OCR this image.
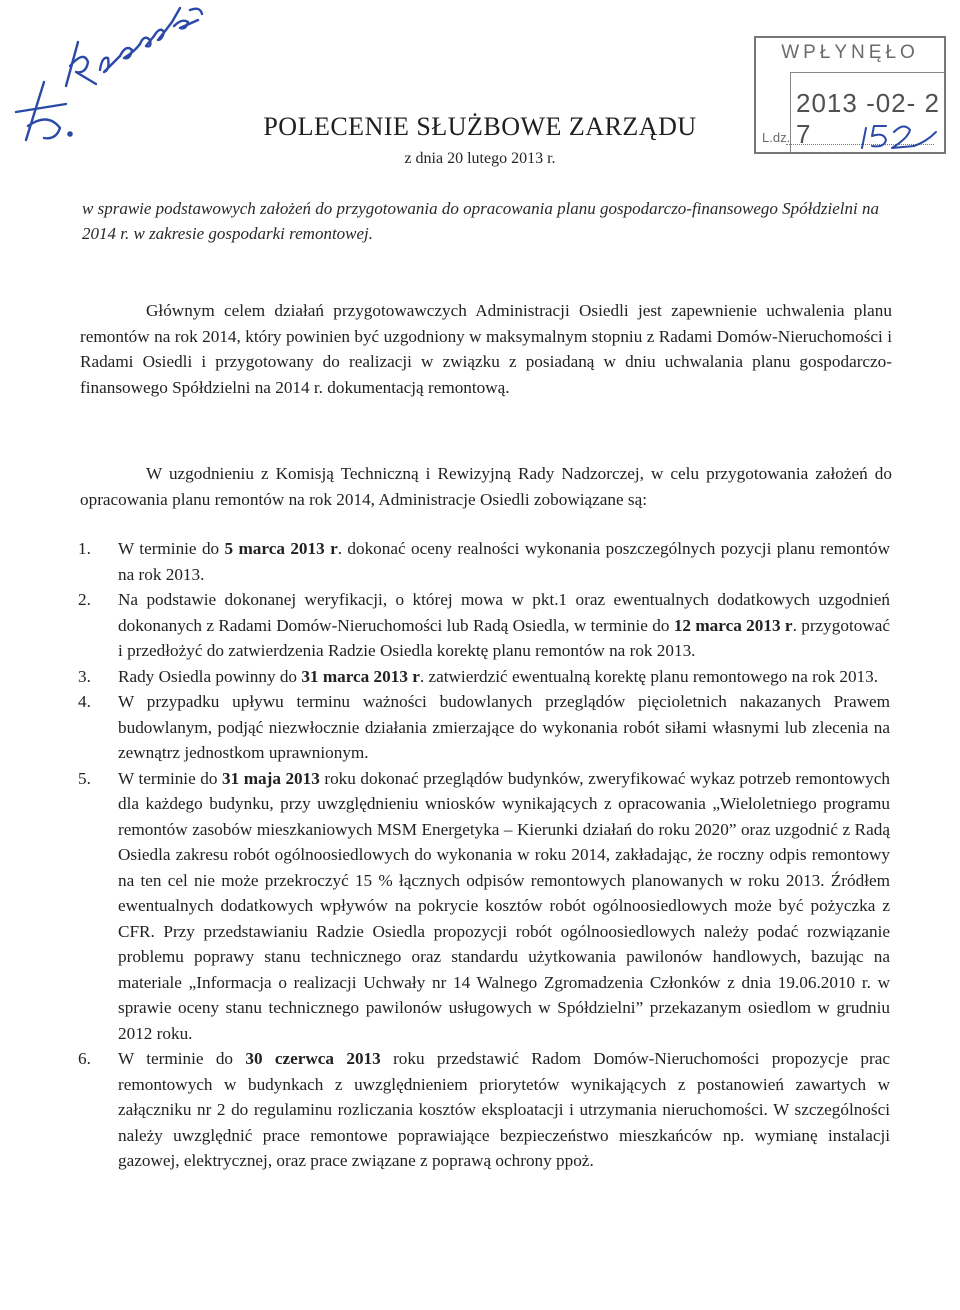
WPŁYNĘŁO
2013 -02- 2 7
L.dz.
POLECENIE SŁUŻBOWE ZARZĄDU
z dnia 20 lutego 2013 r.
w sprawie podstawowych założeń do przygotowania do opracowania planu gospodarczo-finansowego Spółdzielni na 2014 r. w zakresie gospodarki remontowej.
Głównym celem działań przygotowawczych Administracji Osiedli jest zapewnienie uchwalenia planu remontów na rok 2014, który powinien być uzgodniony w maksymalnym stopniu z Radami Domów-Nieruchomości i Radami Osiedli i przygotowany do realizacji w związku z posiadaną w dniu uchwalania planu gospodarczo-finansowego Spółdzielni na 2014 r. dokumentacją remontową.
W uzgodnieniu z Komisją Techniczną i Rewizyjną Rady Nadzorczej, w celu przygotowania założeń do opracowania planu remontów na rok 2014, Administracje Osiedli zobowiązane są:
1. W terminie do 5 marca 2013 r. dokonać oceny realności wykonania poszczególnych pozycji planu remontów na rok 2013.
2. Na podstawie dokonanej weryfikacji, o której mowa w pkt.1 oraz ewentualnych dodatkowych uzgodnień dokonanych z Radami Domów-Nieruchomości lub Radą Osiedla, w terminie do 12 marca 2013 r. przygotować i przedłożyć do zatwierdzenia Radzie Osiedla korektę planu remontów na rok 2013.
3. Rady Osiedla powinny do 31 marca 2013 r. zatwierdzić ewentualną korektę planu remontowego na rok 2013.
4. W przypadku upływu terminu ważności budowlanych przeglądów pięcioletnich nakazanych Prawem budowlanym, podjąć niezwłocznie działania zmierzające do wykonania robót siłami własnymi lub zlecenia na zewnątrz jednostkom uprawnionym.
5. W terminie do 31 maja 2013 roku dokonać przeglądów budynków, zweryfikować wykaz potrzeb remontowych dla każdego budynku, przy uwzględnieniu wniosków wynikających z opracowania „Wieloletniego programu remontów zasobów mieszkaniowych MSM Energetyka – Kierunki działań do roku 2020” oraz uzgodnić z Radą Osiedla zakresu robót ogólnoosiedlowych do wykonania w roku 2014, zakładając, że roczny odpis remontowy na ten cel nie może przekroczyć 15 % łącznych odpisów remontowych planowanych w roku 2013. Źródłem ewentualnych dodatkowych wpływów na pokrycie kosztów robót ogólnoosiedlowych może być pożyczka z CFR. Przy przedstawianiu Radzie Osiedla propozycji robót ogólnoosiedlowych należy podać rozwiązanie problemu poprawy stanu technicznego oraz standardu użytkowania pawilonów handlowych, bazując na materiale „Informacja o realizacji Uchwały nr 14 Walnego Zgromadzenia Członków z dnia 19.06.2010 r. w sprawie oceny stanu technicznego pawilonów usługowych w Spółdzielni” przekazanym osiedlom w grudniu 2012 roku.
6. W terminie do 30 czerwca 2013 roku przedstawić Radom Domów-Nieruchomości propozycje prac remontowych w budynkach z uwzględnieniem priorytetów wynikających z postanowień zawartych w załączniku nr 2 do regulaminu rozliczania kosztów eksploatacji i utrzymania nieruchomości. W szczególności należy uwzględnić prace remontowe poprawiające bezpieczeństwo mieszkańców np. wymianę instalacji gazowej, elektrycznej, oraz prace związane z poprawą ochrony ppoż.
